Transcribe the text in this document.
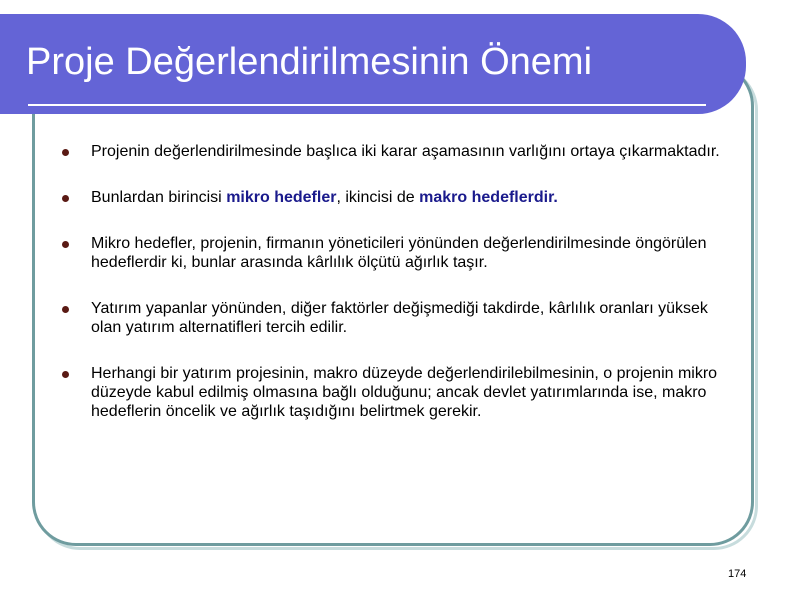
Proje Değerlendirilmesinin Önemi
Projenin değerlendirilmesinde başlıca iki karar aşamasının varlığını ortaya çıkarmaktadır.
Bunlardan birincisi mikro hedefler, ikincisi de makro hedeflerdir.
Mikro hedefler, projenin, firmanın yöneticileri yönünden değerlendirilmesinde öngörülen hedeflerdir ki, bunlar arasında kârlılık ölçütü ağırlık taşır.
Yatırım yapanlar yönünden, diğer faktörler değişmediği takdirde, kârlılık oranları yüksek olan yatırım alternatifleri tercih edilir.
Herhangi bir yatırım projesinin, makro düzeyde değerlendirilebilmesinin, o projenin mikro düzeyde kabul edilmiş olmasına bağlı olduğunu; ancak devlet yatırımlarında ise, makro hedeflerin öncelik ve ağırlık taşıdığını belirtmek gerekir.
174
